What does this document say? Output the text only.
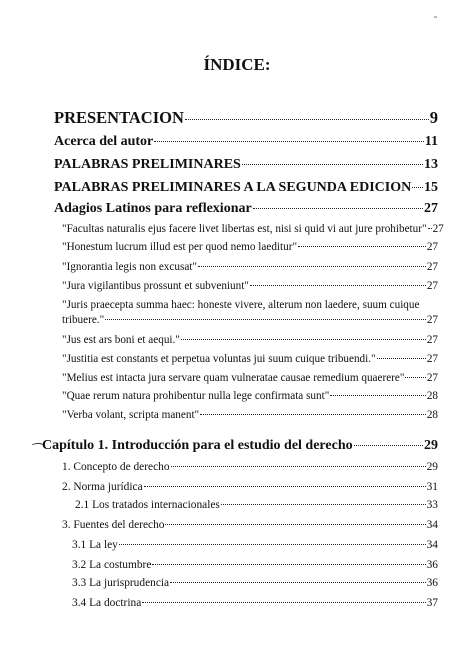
ÍNDICE:
PRESENTACION	9
Acerca del autor	11
PALABRAS PRELIMINARES	13
PALABRAS PRELIMINARES A LA SEGUNDA EDICION 15
Adagios Latinos para reflexionar	27
"Facultas naturalis ejus facere livet libertas est, nisi si quid vi aut jure prohibetur" 27
"Honestum lucrum illud est per quod nemo laeditur"	27
"Ignorantia legis non excusat"	27
"Jura vigilantibus prossunt et subveniunt"	27
"Juris praecepta summa haec: honeste vivere, alterum non laedere, suum cuique
tribuere."	27
"Jus est ars boni et aequi."	27
"Justitia est constants et perpetua voluntas jui suum cuique tribuendi."	27
"Melius est intacta jura servare quam vulneratae causae remedium quaerere" 27
"Quae rerum natura prohibentur nulla lege confirmata sunt"	28
"Verba volant, scripta manent"	28
⁀ Capítulo 1. Introducción para el estudio del derecho	29
1. Concepto de derecho	29
2. Norma jurídica	31
2.1 Los tratados internacionales	33
3. Fuentes del derecho	34
3.1 La ley	34
3.2 La costumbre	36
3.3 La jurisprudencia	36
3.4 La doctrina	37
